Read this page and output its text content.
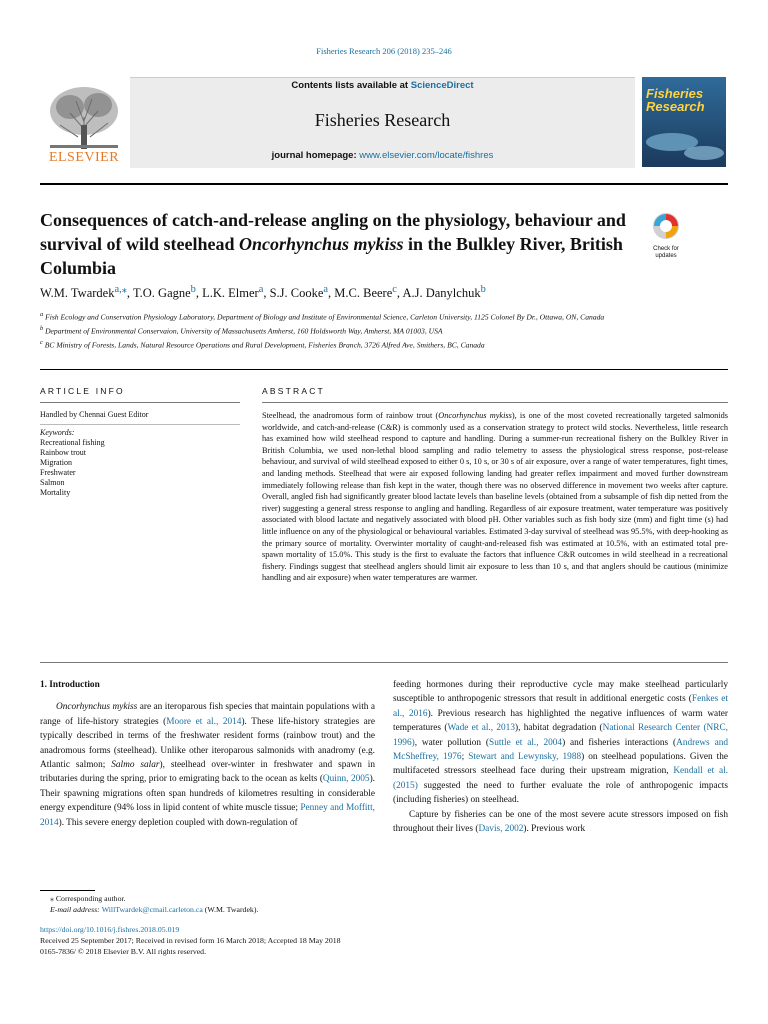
Fisheries Research 206 (2018) 235–246
Contents lists available at ScienceDirect
Fisheries Research
journal homepage: www.elsevier.com/locate/fishres
ELSEVIER
Fisheries
Research
Consequences of catch-and-release angling on the physiology, behaviour and survival of wild steelhead Oncorhynchus mykiss in the Bulkley River, British Columbia
Check for
updates
W.M. Twardek$^{a,⁎}$, T.O. Gagne$^b$, L.K. Elmer$^a$, S.J. Cooke$^a$, M.C. Beere$^c$, A.J. Danylchuk$^b$
$^a$ Fish Ecology and Conservation Physiology Laboratory, Department of Biology and Institute of Environmental Science, Carleton University, 1125 Colonel By Dr., Ottawa, ON, Canada
$^b$ Department of Environmental Conservaion, University of Massachusetts Amherst, 160 Holdsworth Way, Amherst, MA 01003, USA
$^c$ BC Ministry of Forests, Lands, Natural Resource Operations and Rural Development, Fisheries Branch, 3726 Alfred Ave, Smithers, BC, Canada
ARTICLE INFO	ABSTRACT
Handled by Chennai Guest Editor
Keywords:
Recreational fishing
Rainbow trout
Migration
Freshwater
Salmon
Mortality
Steelhead, the anadromous form of rainbow trout (Oncorhynchus mykiss), is one of the most coveted recreationally targeted salmonids worldwide, and catch-and-release (C&R) is commonly used as a conservation strategy to protect wild stocks. Nevertheless, little research has examined how wild steelhead respond to capture and handling. During a summer-run recreational fishery on the Bulkley River in British Columbia, we used non-lethal blood sampling and radio telemetry to assess the physiological stress response, post-release behaviour, and survival of wild steelhead exposed to either 0 s, 10 s, or 30 s of air exposure, over a range of water temperatures, fight times, and landing methods. Steelhead that were air exposed following landing had greater reflex impairment and moved further downstream immediately following release than fish kept in the water, though there was no observed difference in movement two weeks after capture. Overall, angled fish had significantly greater blood lactate levels than baseline levels (obtained from a subsample of fish dip netted from the river) suggesting a general stress response to angling and handling. Regardless of air exposure treatment, water temperature was positively associated with blood lactate and negatively associated with blood pH. Other variables such as fish body size (mm) and fight time (s) had little influence on any of the physiological or behavioural variables. Estimated 3-day survival of steelhead was 95.5%, with deep-hooking as the primary source of mortality. Overwinter mortality of caught-and-released fish was estimated at 10.5%, with an estimated total pre-spawn mortality of 15.0%. This study is the first to evaluate the factors that influence C&R outcomes in wild steelhead in a recreational fishery. Findings suggest that steelhead anglers should limit air exposure to less than 10 s, and that anglers should be cautious (minimize handling and air exposure) when water temperatures are warmer.
1. Introduction

Oncorhynchus mykiss are an iteroparous fish species that maintain populations with a range of life-history strategies (Moore et al., 2014). These life-history strategies are typically described in terms of the freshwater resident forms (rainbow trout) and the anadromous forms (steelhead). Unlike other iteroparous salmonids with anadromy (e.g. Atlantic salmon; Salmo salar), steelhead over-winter in freshwater and spawn in tributaries during the spring, prior to emigrating back to the ocean as kelts (Quinn, 2005). Their spawning migrations often span hundreds of kilometres resulting in considerable energy expenditure (94% loss in lipid content of white muscle tissue; Penney and Moffitt, 2014). This severe energy depletion coupled with down-regulation of

feeding hormones during their reproductive cycle may make steelhead particularly susceptible to anthropogenic stressors that result in additional energetic costs (Fenkes et al., 2016). Previous research has highlighted the negative influences of warm water temperatures (Wade et al., 2013), habitat degradation (National Research Center (NRC, 1996), water pollution (Suttle et al., 2004) and fisheries interactions (Andrews and McSheffrey, 1976; Stewart and Lewynsky, 1988) on steelhead populations. Given the multifaceted stressors steelhead face during their upstream migration, Kendall et al. (2015) suggested the need to further evaluate the role of anthropogenic impacts (including fisheries) on steelhead.

Capture by fisheries can be one of the most severe acute stressors imposed on fish throughout their lives (Davis, 2002). Previous work

⁎ Corresponding author.
E-mail address: WillTwardek@cmail.carleton.ca (W.M. Twardek).
https://doi.org/10.1016/j.fishres.2018.05.019
Received 25 September 2017; Received in revised form 16 March 2018; Accepted 18 May 2018
0165-7836/ © 2018 Elsevier B.V. All rights reserved.
